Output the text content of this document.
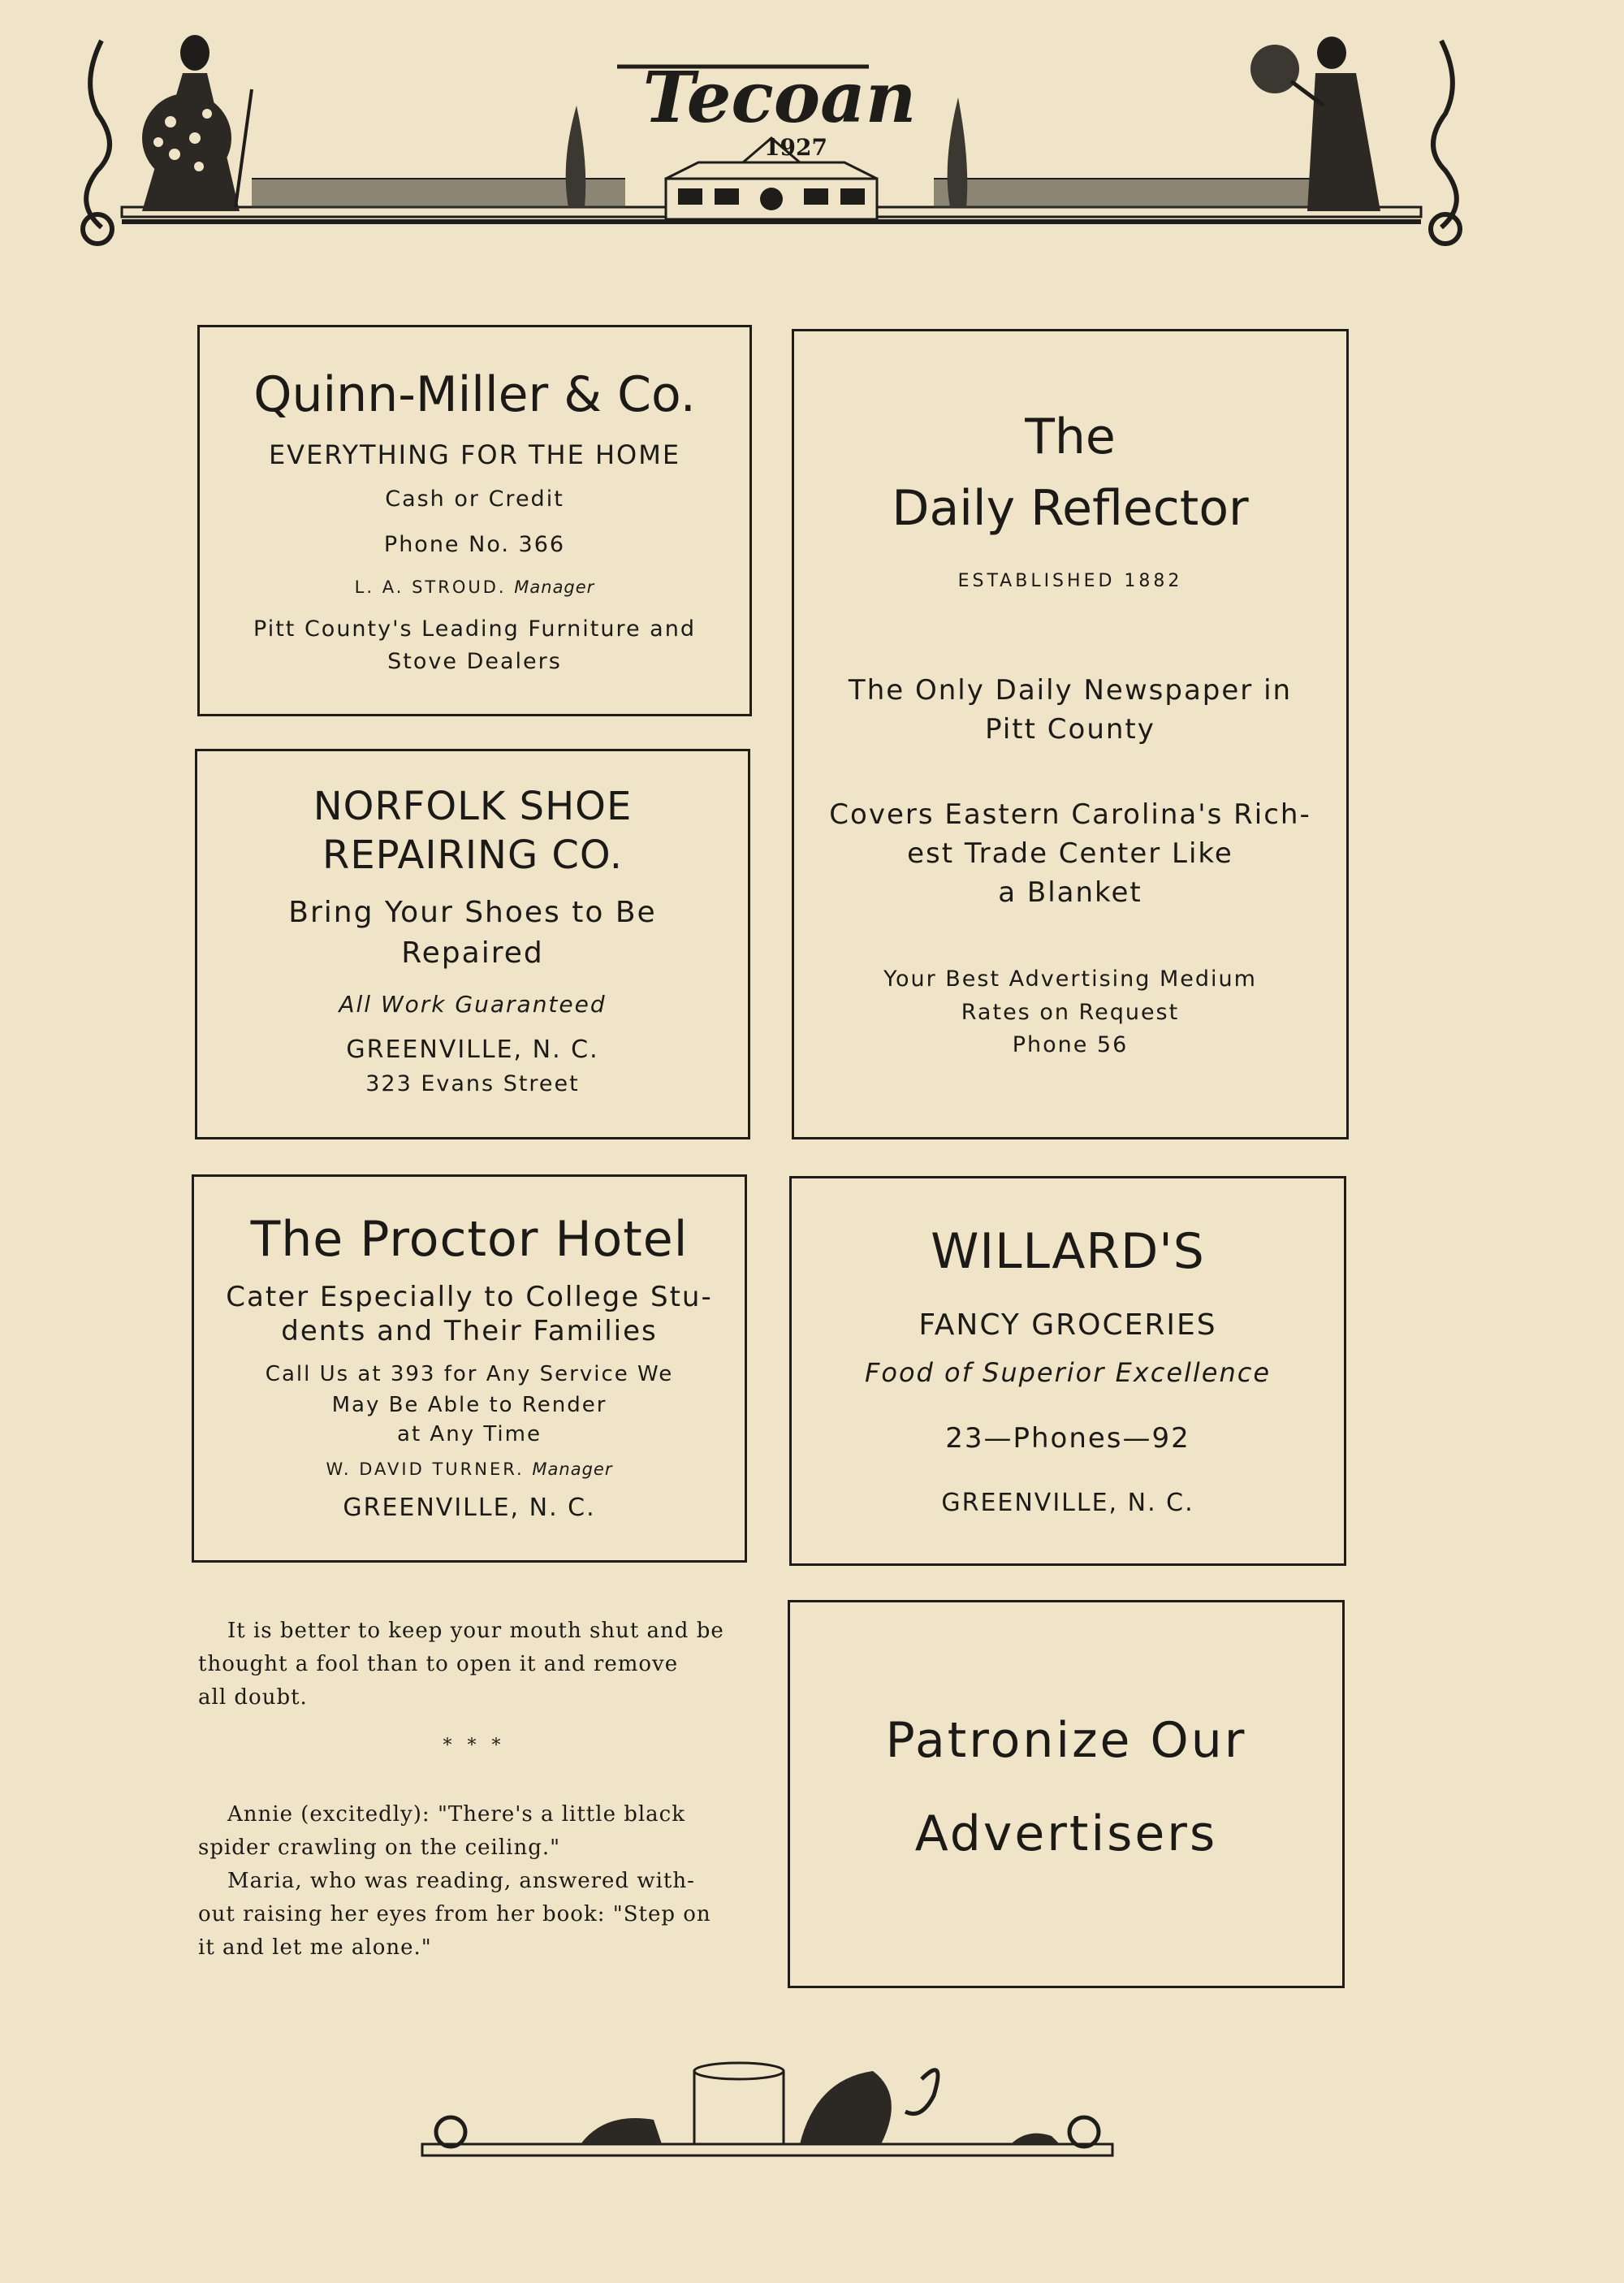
Tecoan
1927
Quinn-Miller & Co.
EVERYTHING FOR THE HOME
Cash or Credit
Phone No. 366
L. A. STROUD. Manager
Pitt County's Leading Furniture and
Stove Dealers
The
Daily Reflector
ESTABLISHED 1882
The Only Daily Newspaper in
Pitt County
Covers Eastern Carolina's Rich-
est Trade Center Like
a Blanket
Your Best Advertising Medium
Rates on Request
Phone 56
NORFOLK SHOE
REPAIRING CO.
Bring Your Shoes to Be
Repaired
All Work Guaranteed
GREENVILLE, N. C.
323 Evans Street
The Proctor Hotel
Cater Especially to College Stu-
dents and Their Families
Call Us at 393 for Any Service We
May Be Able to Render
at Any Time
W. DAVID TURNER. Manager
GREENVILLE, N. C.
WILLARD'S
FANCY GROCERIES
Food of Superior Excellence
23—Phones—92
GREENVILLE, N. C.
It is better to keep your mouth shut and be
thought a fool than to open it and remove
all doubt.
* * *
Annie (excitedly): "There's a little black
spider crawling on the ceiling."
Maria, who was reading, answered with-
out raising her eyes from her book: "Step on
it and let me alone."
Patronize Our
Advertisers
